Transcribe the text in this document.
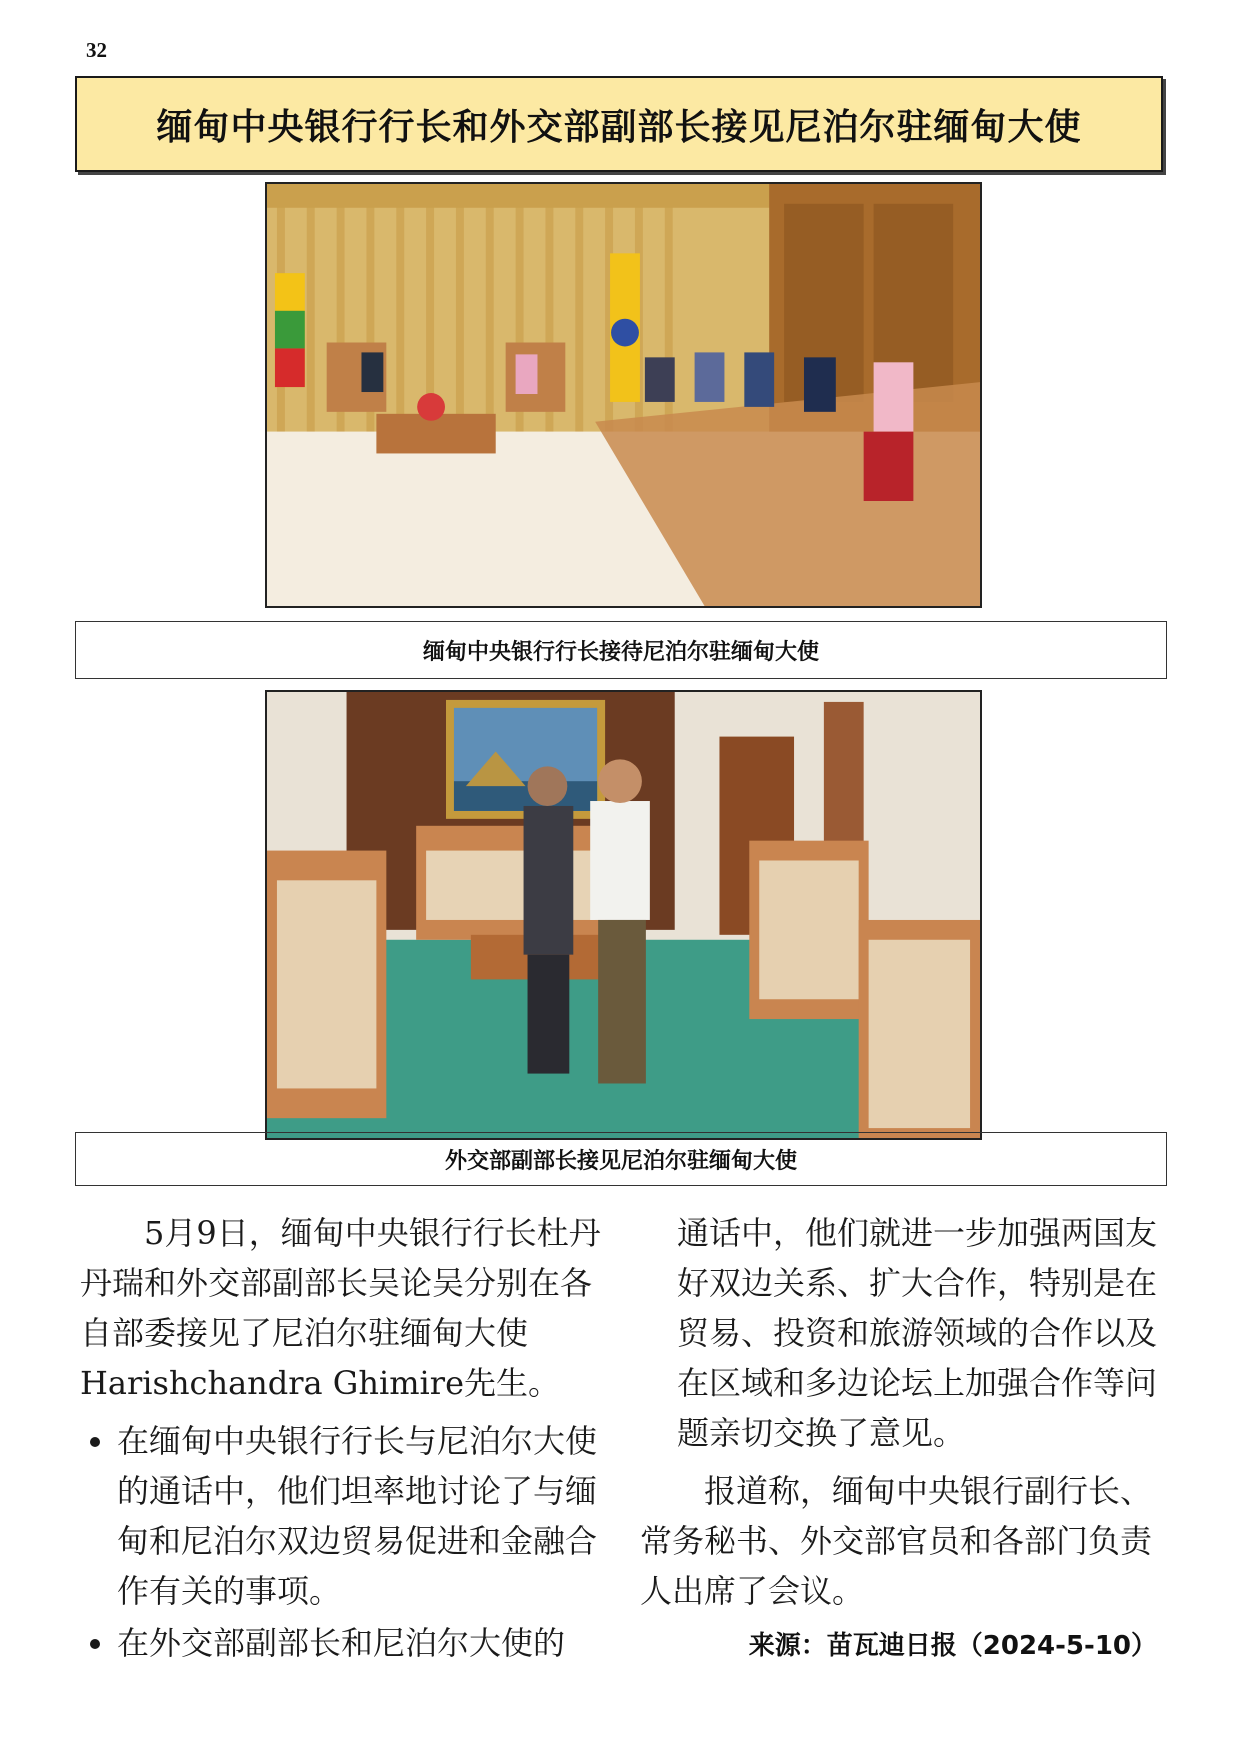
32
缅甸中央银行行长和外交部副部长接见尼泊尔驻缅甸大使
缅甸中央银行行长接待尼泊尔驻缅甸大使
外交部副部长接见尼泊尔驻缅甸大使

5月9日，缅甸中央银行行长杜丹丹瑞和外交部副部长吴论吴分别在各自部委接见了尼泊尔驻缅甸大使Harishchandra Ghimire先生。

• 在缅甸中央银行行长与尼泊尔大使的通话中，他们坦率地讨论了与缅甸和尼泊尔双边贸易促进和金融合作有关的事项。
• 在外交部副部长和尼泊尔大使的

通话中，他们就进一步加强两国友好双边关系、扩大合作，特别是在贸易、投资和旅游领域的合作以及在区域和多边论坛上加强合作等问题亲切交换了意见。

报道称，缅甸中央银行副行长、常务秘书、外交部官员和各部门负责人出席了会议。

来源：苗瓦迪日报（2024-5-10）
